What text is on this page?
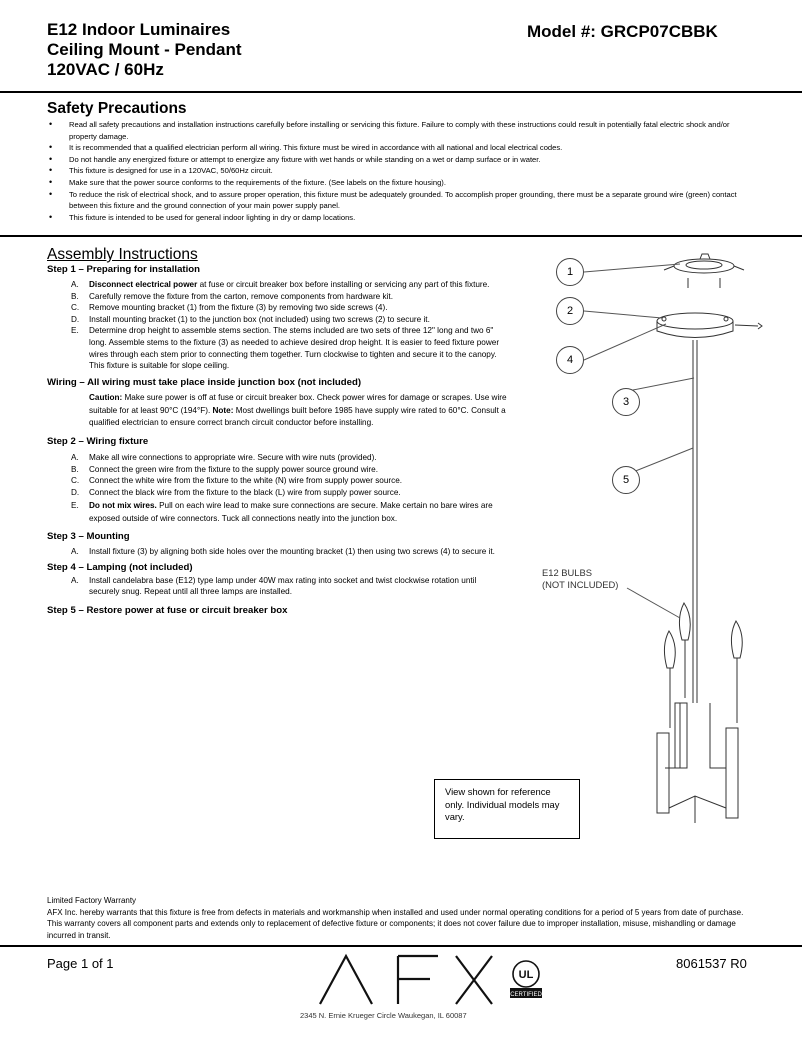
E12 Indoor Luminaires
Ceiling Mount - Pendant
120VAC / 60Hz
Model #: GRCP07CBBK
Safety Precautions
• Read all safety precautions and installation instructions carefully before installing or servicing this fixture. Failure to comply with these instructions could result in potentially fatal electric shock and/or property damage.
• It is recommended that a qualified electrician perform all wiring. This fixture must be wired in accordance with all national and local electrical codes.
• Do not handle any energized fixture or attempt to energize any fixture with wet hands or while standing on a wet or damp surface or in water.
• This fixture is designed for use in a 120VAC, 50/60Hz circuit.
• Make sure that the power source conforms to the requirements of the fixture. (See labels on the fixture housing).
• To reduce the risk of electrical shock, and to assure proper operation, this fixture must be adequately grounded. To accomplish proper grounding, there must be a separate ground wire (green) contact between this fixture and the ground connection of your main power supply panel.
• This fixture is intended to be used for general indoor lighting in dry or damp locations.
Assembly Instructions
Step 1 – Preparing for installation
A. Disconnect electrical power at fuse or circuit breaker box before installing or servicing any part of this fixture.
B. Carefully remove the fixture from the carton, remove components from hardware kit.
C. Remove mounting bracket (1) from the fixture (3) by removing two side screws (4).
D. Install mounting bracket (1) to the junction box (not included) using two screws (2) to secure it.
E. Determine drop height to assemble stems section. The stems included are two sets of three 12" long and two 6" long. Assemble stems to the fixture (3) as needed to achieve desired drop height. It is easier to feed fixture power wires through each stem prior to connecting them together. Turn clockwise to tighten and secure it to the canopy. This fixture is suitable for slope ceiling.
Wiring – All wiring must take place inside junction box (not included)
Caution: Make sure power is off at fuse or circuit breaker box. Check power wires for damage or scrapes. Use wire suitable for at least 90°C (194°F). Note: Most dwellings built before 1985 have supply wire rated to 60°C. Consult a qualified electrician to ensure correct branch circuit conductor before installing.
Step 2 – Wiring fixture
A. Make all wire connections to appropriate wire. Secure with wire nuts (provided).
B. Connect the green wire from the fixture to the supply power source ground wire.
C. Connect the white wire from the fixture to the white (N) wire from supply power source.
D. Connect the black wire from the fixture to the black (L) wire from supply power source.
E. Do not mix wires. Pull on each wire lead to make sure connections are secure. Make certain no bare wires are exposed outside of wire connectors. Tuck all connections neatly into the junction box.
Step 3 – Mounting
A. Install fixture (3) by aligning both side holes over the mounting bracket (1) then using two screws (4) to secure it.
Step 4 – Lamping (not included)
A. Install candelabra base (E12) type lamp under 40W max rating into socket and twist clockwise rotation until securely snug. Repeat until all three lamps are installed.
Step 5 – Restore power at fuse or circuit breaker box
1
2
4
3
5
E12 BULBS
(NOT INCLUDED)
View shown for reference only. Individual models may vary.
Limited Factory Warranty
AFX Inc. hereby warrants that this fixture is free from defects in materials and workmanship when installed and used under normal operating conditions for a period of 5 years from date of purchase. This warranty covers all component parts and extends only to replacement of defective fixture or components; it does not cover failure due to improper installation, misuse, mishandling or damage incurred in transit.
Page 1 of 1	8061537 R0
AFX
UL
CERTIFIED
2345 N. Ernie Krueger Circle Waukegan, IL 60087
